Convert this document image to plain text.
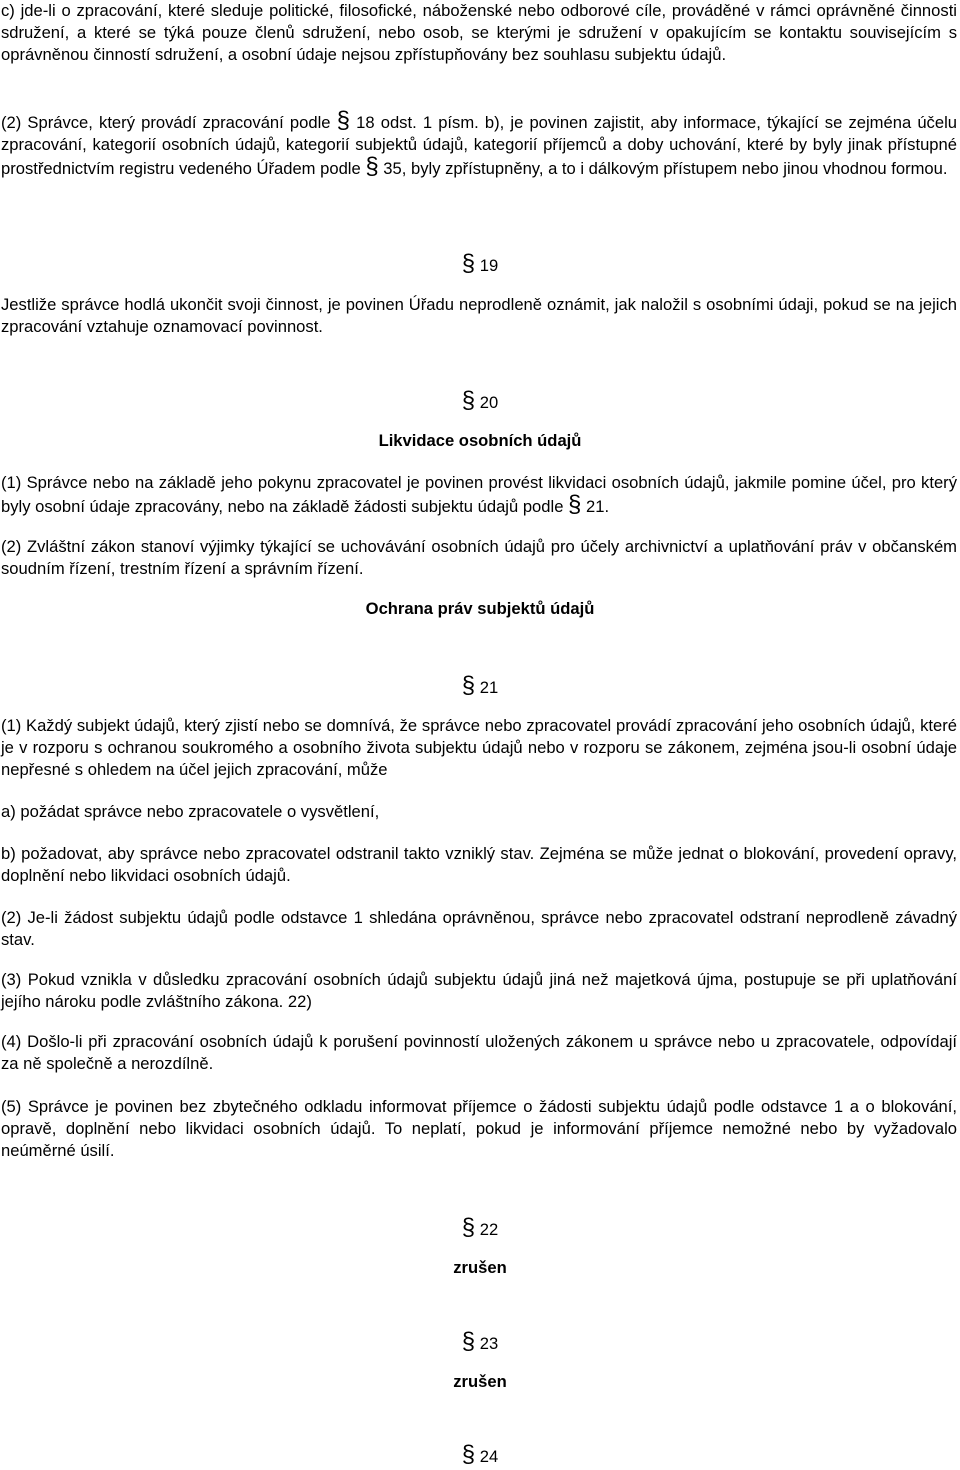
c) jde-li o zpracování, které sleduje politické, filosofické, náboženské nebo odborové cíle, prováděné v rámci oprávněné činnosti sdružení, a které se týká pouze členů sdružení, nebo osob, se kterými je sdružení v opakujícím se kontaktu souvisejícím s oprávněnou činností sdružení, a osobní údaje nejsou zpřístupňovány bez souhlasu subjektu údajů.

(2) Správce, který provádí zpracování podle § 18 odst. 1 písm. b), je povinen zajistit, aby informace, týkající se zejména účelu zpracování, kategorií osobních údajů, kategorií subjektů údajů, kategorií příjemců a doby uchování, které by byly jinak přístupné prostřednictvím registru vedeného Úřadem podle § 35, byly zpřístupněny, a to i dálkovým přístupem nebo jinou vhodnou formou.

§ 19

Jestliže správce hodlá ukončit svoji činnost, je povinen Úřadu neprodleně oznámit, jak naložil s osobními údaji, pokud se na jejich zpracování vztahuje oznamovací povinnost.

§ 20

Likvidace osobních údajů

(1) Správce nebo na základě jeho pokynu zpracovatel je povinen provést likvidaci osobních údajů, jakmile pomine účel, pro který byly osobní údaje zpracovány, nebo na základě žádosti subjektu údajů podle § 21.

(2) Zvláštní zákon stanoví výjimky týkající se uchovávání osobních údajů pro účely archivnictví a uplatňování práv v občanském soudním řízení, trestním řízení a správním řízení.

Ochrana práv subjektů údajů

§ 21

(1) Každý subjekt údajů, který zjistí nebo se domnívá, že správce nebo zpracovatel provádí zpracování jeho osobních údajů, které je v rozporu s ochranou soukromého a osobního života subjektu údajů nebo v rozporu se zákonem, zejména jsou-li osobní údaje nepřesné s ohledem na účel jejich zpracování, může

a) požádat správce nebo zpracovatele o vysvětlení,

b) požadovat, aby správce nebo zpracovatel odstranil takto vzniklý stav. Zejména se může jednat o blokování, provedení opravy, doplnění nebo likvidaci osobních údajů.

(2) Je-li žádost subjektu údajů podle odstavce 1 shledána oprávněnou, správce nebo zpracovatel odstraní neprodleně závadný stav.

(3) Pokud vznikla v důsledku zpracování osobních údajů subjektu údajů jiná než majetková újma, postupuje se při uplatňování jejího nároku podle zvláštního zákona. 22)

(4) Došlo-li při zpracování osobních údajů k porušení povinností uložených zákonem u správce nebo u zpracovatele, odpovídají za ně společně a nerozdílně.

(5) Správce je povinen bez zbytečného odkladu informovat příjemce o žádosti subjektu údajů podle odstavce 1 a o blokování, opravě, doplnění nebo likvidaci osobních údajů. To neplatí, pokud je informování příjemce nemožné nebo by vyžadovalo neúměrné úsilí.

§ 22

zrušen

§ 23

zrušen

§ 24
